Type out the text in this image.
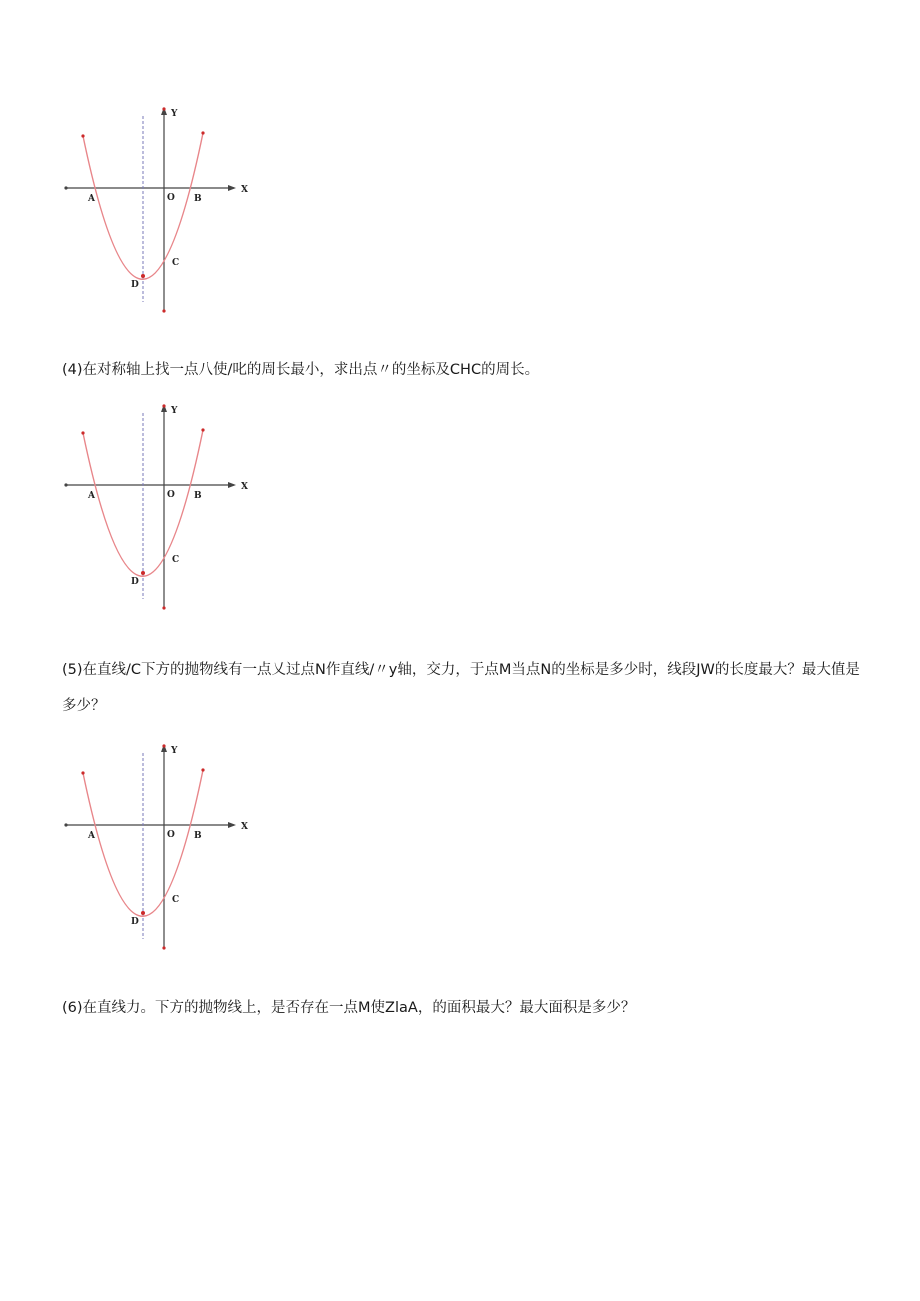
Y
X
A	O B
C
D

(4)在对称轴上找一点八使/叱的周长最小，求出点〃的坐标及CHC的周长。

Y
X
A	O B
C
D

(5)在直线/C下方的抛物线有一点乂过点N作直线/〃y轴，交力，于点M当点N的坐标是多少时，线段JW的长度最大？最大值是多少？

Y
X
A	O B
C
D

(6)在直线力。下方的抛物线上，是否存在一点M使ZlaA，的面积最大？最大面积是多少？
